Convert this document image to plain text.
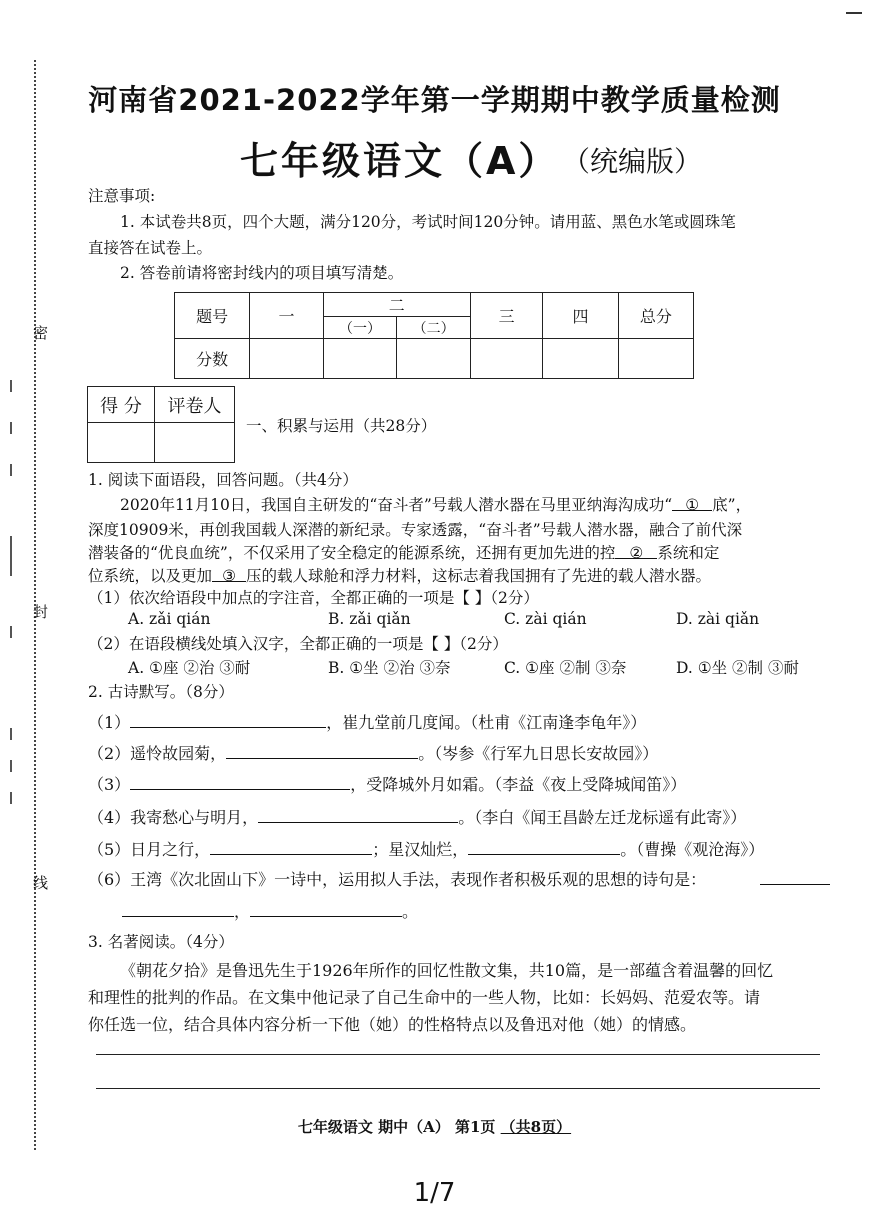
密
封
线
河南省2021-2022学年第一学期期中教学质量检测
七年级语文（A） （统编版）
注意事项:
1. 本试卷共8页，四个大题，满分120分，考试时间120分钟。请用蓝、黑色水笔或圆珠笔
直接答在试卷上。
2. 答卷前请将密封线内的项目填写清楚。
题号	一	二		三	四	总分
		（一）	（二）			
分数						
得 分	评卷人

一、积累与运用（共28分）
1. 阅读下面语段，回答问题。（共4分）
2020年11月10日，我国自主研发的“奋斗者”号载人潜水器在马里亚纳海沟成功“ ① 底”，
深度10909米，再创我国载人深潜的新纪录。专家透露，“奋斗者”号载人潜水器，融合了前代深
潜装备的“优良血统”，不仅采用了安全稳定的能源系统，还拥有更加先进的控 ② 系统和定
位系统，以及更加 ③ 压的载人球舱和浮力材料，这标志着我国拥有了先进的载人潜水器。
（1）依次给语段中加点的字注音，全都正确的一项是【 】（2分）
A. zǎi qián	B. zǎi qiǎn	C. zài qián	D. zài qiǎn
（2）在语段横线处填入汉字，全都正确的一项是【 】（2分）
A. ①座 ②治 ③耐	B. ①坐 ②治 ③奈	C. ①座 ②制 ③奈	D. ①坐 ②制 ③耐
2. 古诗默写。（8分）
（1）	，崔九堂前几度闻。（杜甫《江南逢李龟年》）
（2）遥怜故园菊，	。（岑参《行军九日思长安故园》）
（3）	，受降城外月如霜。（李益《夜上受降城闻笛》）
（4）我寄愁心与明月，	。（李白《闻王昌龄左迁龙标遥有此寄》）
（5）日月之行，	；星汉灿烂，	。（曹操《观沧海》）
（6）王湾《次北固山下》一诗中，运用拟人手法，表现作者积极乐观的思想的诗句是：
，	。
3. 名著阅读。（4分）
《朝花夕拾》是鲁迅先生于1926年所作的回忆性散文集，共10篇，是一部蕴含着温馨的回忆
和理性的批判的作品。在文集中他记录了自己生命中的一些人物，比如：长妈妈、范爱农等。请
你任选一位，结合具体内容分析一下他（她）的性格特点以及鲁迅对他（她）的情感。
七年级语文 期中（A） 第1页 （共8页）
1/7
